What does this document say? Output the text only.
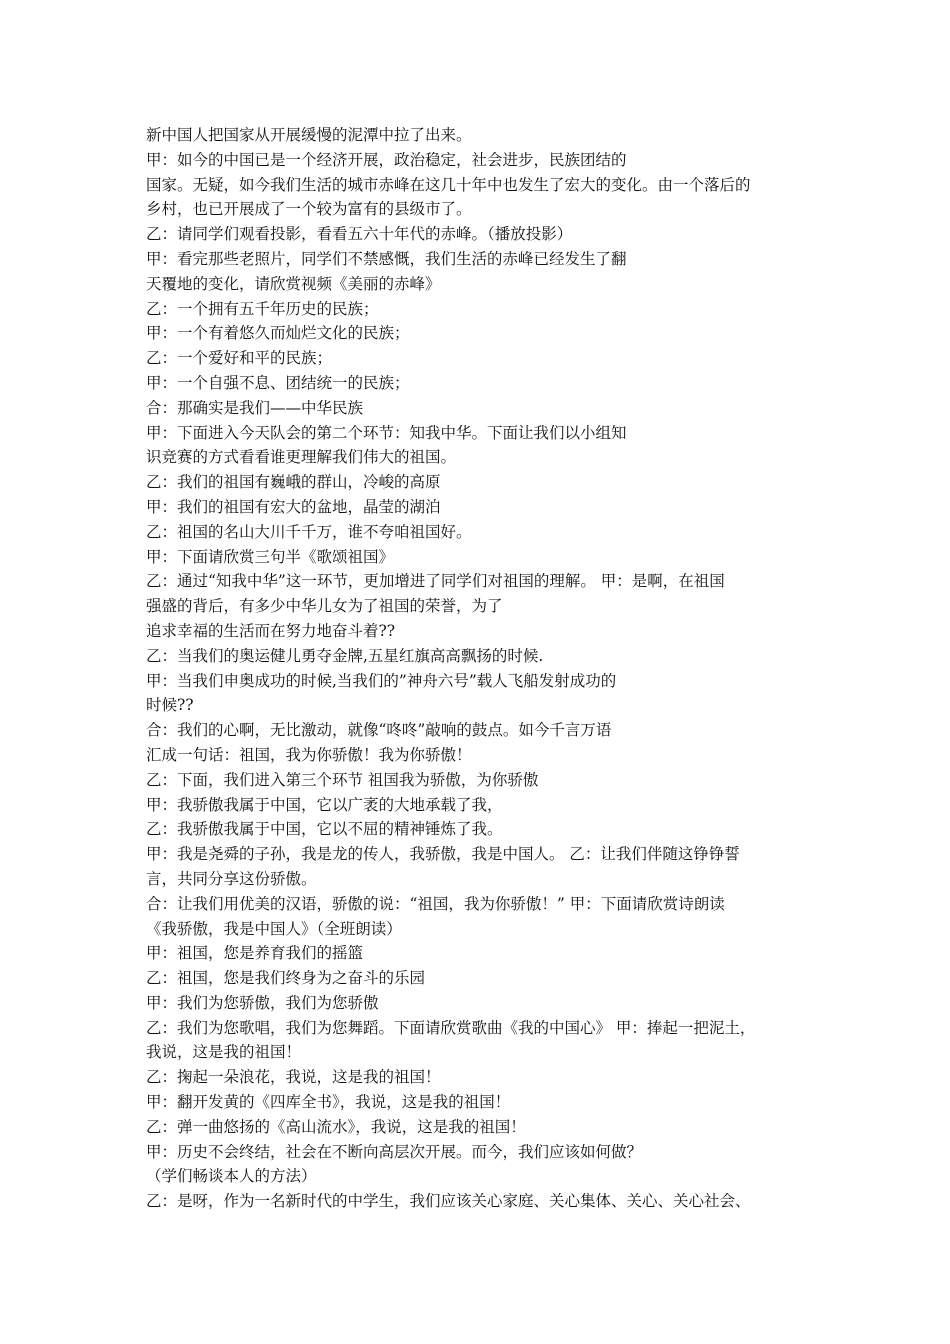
新中国人把国家从开展缓慢的泥潭中拉了出来。
甲：如今的中国已是一个经济开展，政治稳定，社会进步，民族团结的
国家。无疑，如今我们生活的城市赤峰在这几十年中也发生了宏大的变化。由一个落后的
乡村，也已开展成了一个较为富有的县级市了。
乙：请同学们观看投影，看看五六十年代的赤峰。（播放投影）
甲：看完那些老照片，同学们不禁感慨，我们生活的赤峰已经发生了翻
天覆地的变化，请欣赏视频《美丽的赤峰》
乙：一个拥有五千年历史的民族；
甲：一个有着悠久而灿烂文化的民族；
乙：一个爱好和平的民族；
甲：一个自强不息、团结统一的民族；
合：那确实是我们——中华民族
甲：下面进入今天队会的第二个环节：知我中华。下面让我们以小组知
识竞赛的方式看看谁更理解我们伟大的祖国。
乙：我们的祖国有巍峨的群山，冷峻的高原
甲：我们的祖国有宏大的盆地，晶莹的湖泊
乙：祖国的名山大川千千万，谁不夸咱祖国好。
甲：下面请欣赏三句半《歌颂祖国》
乙：通过“知我中华”这一环节，更加增进了同学们对祖国的理解。 甲：是啊，在祖国
强盛的背后，有多少中华儿女为了祖国的荣誉，为了
追求幸福的生活而在努力地奋斗着??
乙：当我们的奥运健儿勇夺金牌,五星红旗高高飘扬的时候.
甲：当我们申奥成功的时候,当我们的”神舟六号”载人飞船发射成功的
时候??
合：我们的心啊，无比激动，就像“咚咚”敲响的鼓点。如今千言万语
汇成一句话：祖国，我为你骄傲！我为你骄傲！
乙：下面，我们进入第三个环节 祖国我为骄傲，为你骄傲
甲：我骄傲我属于中国，它以广袤的大地承载了我，
乙：我骄傲我属于中国，它以不屈的精神锤炼了我。
甲：我是尧舜的子孙，我是龙的传人，我骄傲，我是中国人。 乙：让我们伴随这铮铮誓
言，共同分享这份骄傲。
合：让我们用优美的汉语，骄傲的说：“祖国，我为你骄傲！” 甲：下面请欣赏诗朗读
《我骄傲，我是中国人》（全班朗读）
甲：祖国，您是养育我们的摇篮
乙：祖国，您是我们终身为之奋斗的乐园
甲：我们为您骄傲，我们为您骄傲
乙：我们为您歌唱，我们为您舞蹈。下面请欣赏歌曲《我的中国心》 甲：捧起一把泥土，
我说，这是我的祖国！
乙：掬起一朵浪花，我说，这是我的祖国！
甲：翻开发黄的《四库全书》，我说，这是我的祖国！
乙：弹一曲悠扬的《高山流水》，我说，这是我的祖国！
甲：历史不会终结，社会在不断向高层次开展。而今，我们应该如何做？
（学们畅谈本人的方法）
乙：是呀，作为一名新时代的中学生，我们应该关心家庭、关心集体、关心、关心社会、
